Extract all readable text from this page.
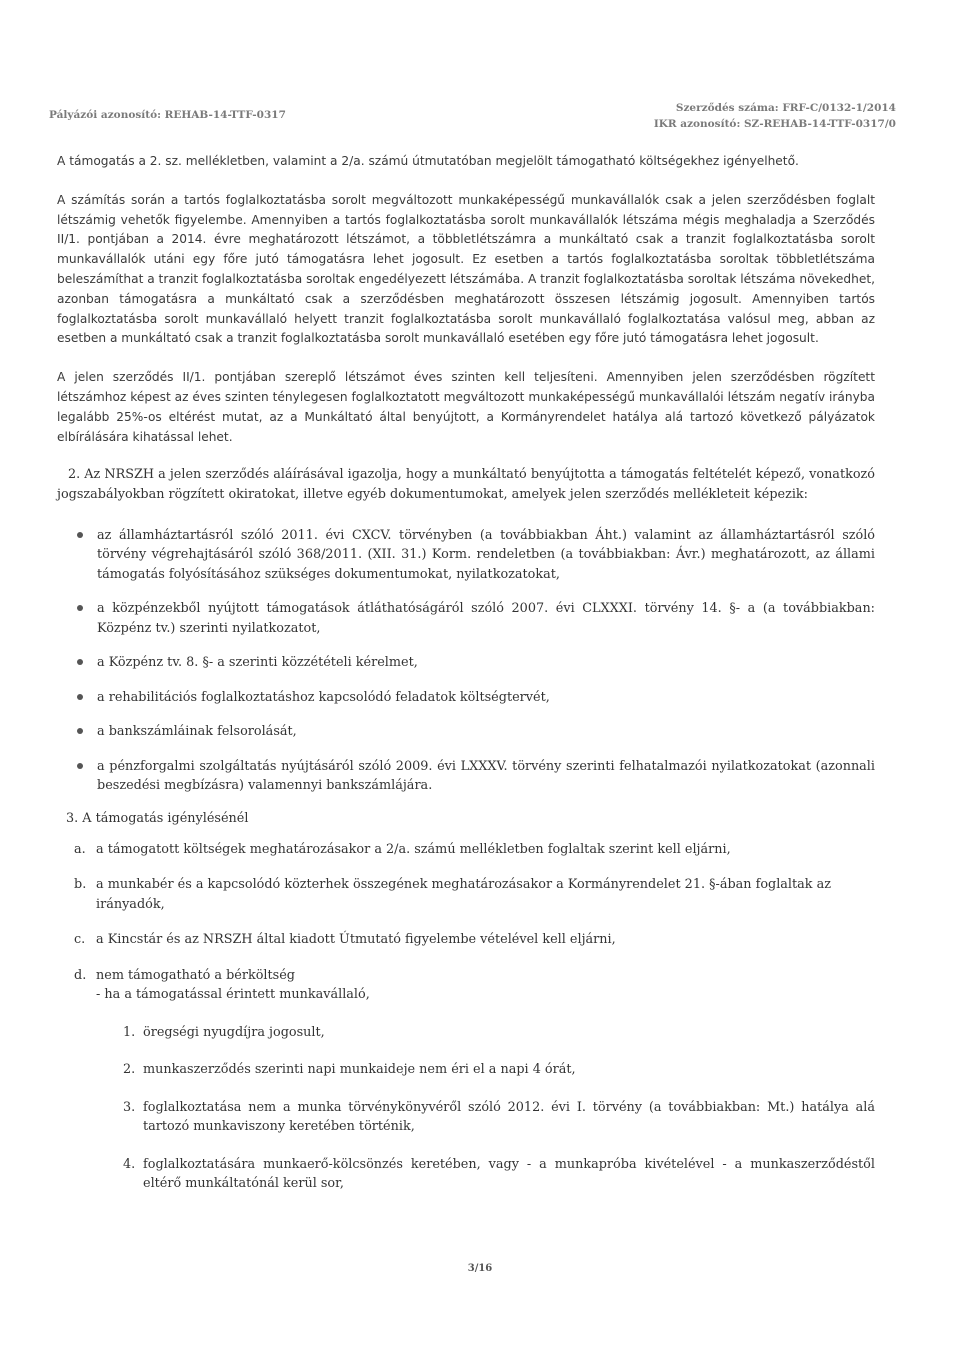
Pályázói azonosító: REHAB-14-TTF-0317
Szerződés száma: FRF-C/0132-1/2014
IKR azonosító: SZ-REHAB-14-TTF-0317/0

A támogatás a 2. sz. mellékletben, valamint a 2/a. számú útmutatóban megjelölt támogatható költségekhez igényelhető.

A számítás során a tartós foglalkoztatásba sorolt megváltozott munkaképességű munkavállalók csak a jelen szerződésben foglalt létszámig vehetők figyelembe. Amennyiben a tartós foglalkoztatásba sorolt munkavállalók létszáma mégis meghaladja a Szerződés II/1. pontjában a 2014. évre meghatározott létszámot, a többletlétszámra a munkáltató csak a tranzit foglalkoztatásba sorolt munkavállalók utáni egy főre jutó támogatásra lehet jogosult. Ez esetben a tartós foglalkoztatásba soroltak többletlétszáma beleszámíthat a tranzit foglalkoztatásba soroltak engedélyezett létszámába. A tranzit foglalkoztatásba soroltak létszáma növekedhet, azonban támogatásra a munkáltató csak a szerződésben meghatározott összesen létszámig jogosult. Amennyiben tartós foglalkoztatásba sorolt munkavállaló helyett tranzit foglalkoztatásba sorolt munkavállaló foglalkoztatása valósul meg, abban az esetben a munkáltató csak a tranzit foglalkoztatásba sorolt munkavállaló esetében egy főre jutó támogatásra lehet jogosult.

A jelen szerződés II/1. pontjában szereplő létszámot éves szinten kell teljesíteni. Amennyiben jelen szerződésben rögzített létszámhoz képest az éves szinten ténylegesen foglalkoztatott megváltozott munkaképességű munkavállalói létszám negatív irányba legalább 25%-os eltérést mutat, az a Munkáltató által benyújtott, a Kormányrendelet hatálya alá tartozó következő pályázatok elbírálására kihatással lehet.

2. Az NRSZH a jelen szerződés aláírásával igazolja, hogy a munkáltató benyújtotta a támogatás feltételét képező, vonatkozó jogszabályokban rögzített okiratokat, illetve egyéb dokumentumokat, amelyek jelen szerződés mellékleteit képezik:

az államháztartásról szóló 2011. évi CXCV. törvényben (a továbbiakban Áht.) valamint az államháztartásról szóló törvény végrehajtásáról szóló 368/2011. (XII. 31.) Korm. rendeletben (a továbbiakban: Ávr.) meghatározott, az állami támogatás folyósításához szükséges dokumentumokat, nyilatkozatokat,
a közpénzekből nyújtott támogatások átláthatóságáról szóló 2007. évi CLXXXI. törvény 14. §- a (a továbbiakban: Közpénz tv.) szerinti nyilatkozatot,
a Közpénz tv. 8. §- a szerinti közzétételi kérelmet,
a rehabilitációs foglalkoztatáshoz kapcsolódó feladatok költségtervét,
a bankszámláinak felsorolását,
a pénzforgalmi szolgáltatás nyújtásáról szóló 2009. évi LXXXV. törvény szerinti felhatalmazói nyilatkozatokat (azonnali beszedési megbízásra) valamennyi bankszámlájára.
3. A támogatás igénylésénél
a. a támogatott költségek meghatározásakor a 2/a. számú mellékletben foglaltak szerint kell eljárni,
b. a munkabér és a kapcsolódó közterhek összegének meghatározásakor a Kormányrendelet 21. §-ában foglaltak az irányadók,
c. a Kincstár és az NRSZH által kiadott Útmutató figyelembe vételével kell eljárni,
d. nem támogatható a bérköltség
- ha a támogatással érintett munkavállaló,
1. öregségi nyugdíjra jogosult,
2. munkaszerződés szerinti napi munkaideje nem éri el a napi 4 órát,
3. foglalkoztatása nem a munka törvénykönyvéről szóló 2012. évi I. törvény (a továbbiakban: Mt.) hatálya alá tartozó munkaviszony keretében történik,
4. foglalkoztatására munkaerő-kölcsönzés keretében, vagy - a munkapróba kivételével - a munkaszerződéstől eltérő munkáltatónál kerül sor,
3/16
